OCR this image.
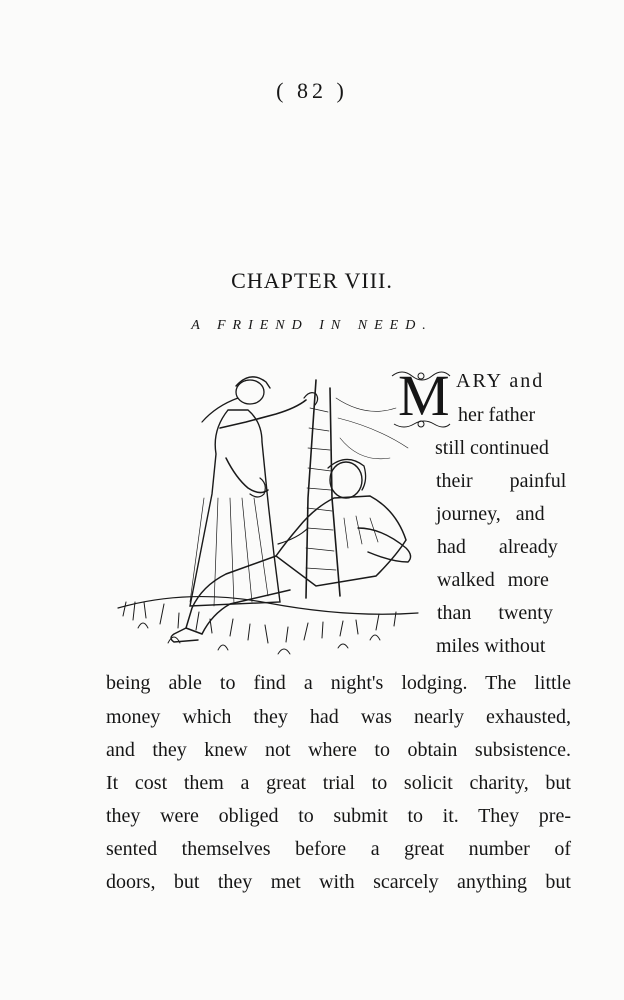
( 82 )
CHAPTER VIII.
A FRIEND IN NEED.
M ARY and
her father
still continued
their painful
journey, and
had already
walked more
than twenty
miles without
being able to find a night's lodging. The little
money which they had was nearly exhausted,
and they knew not where to obtain subsistence.
It cost them a great trial to solicit charity, but
they were obliged to submit to it. They pre-
sented themselves before a great number of
doors, but they met with scarcely anything but
